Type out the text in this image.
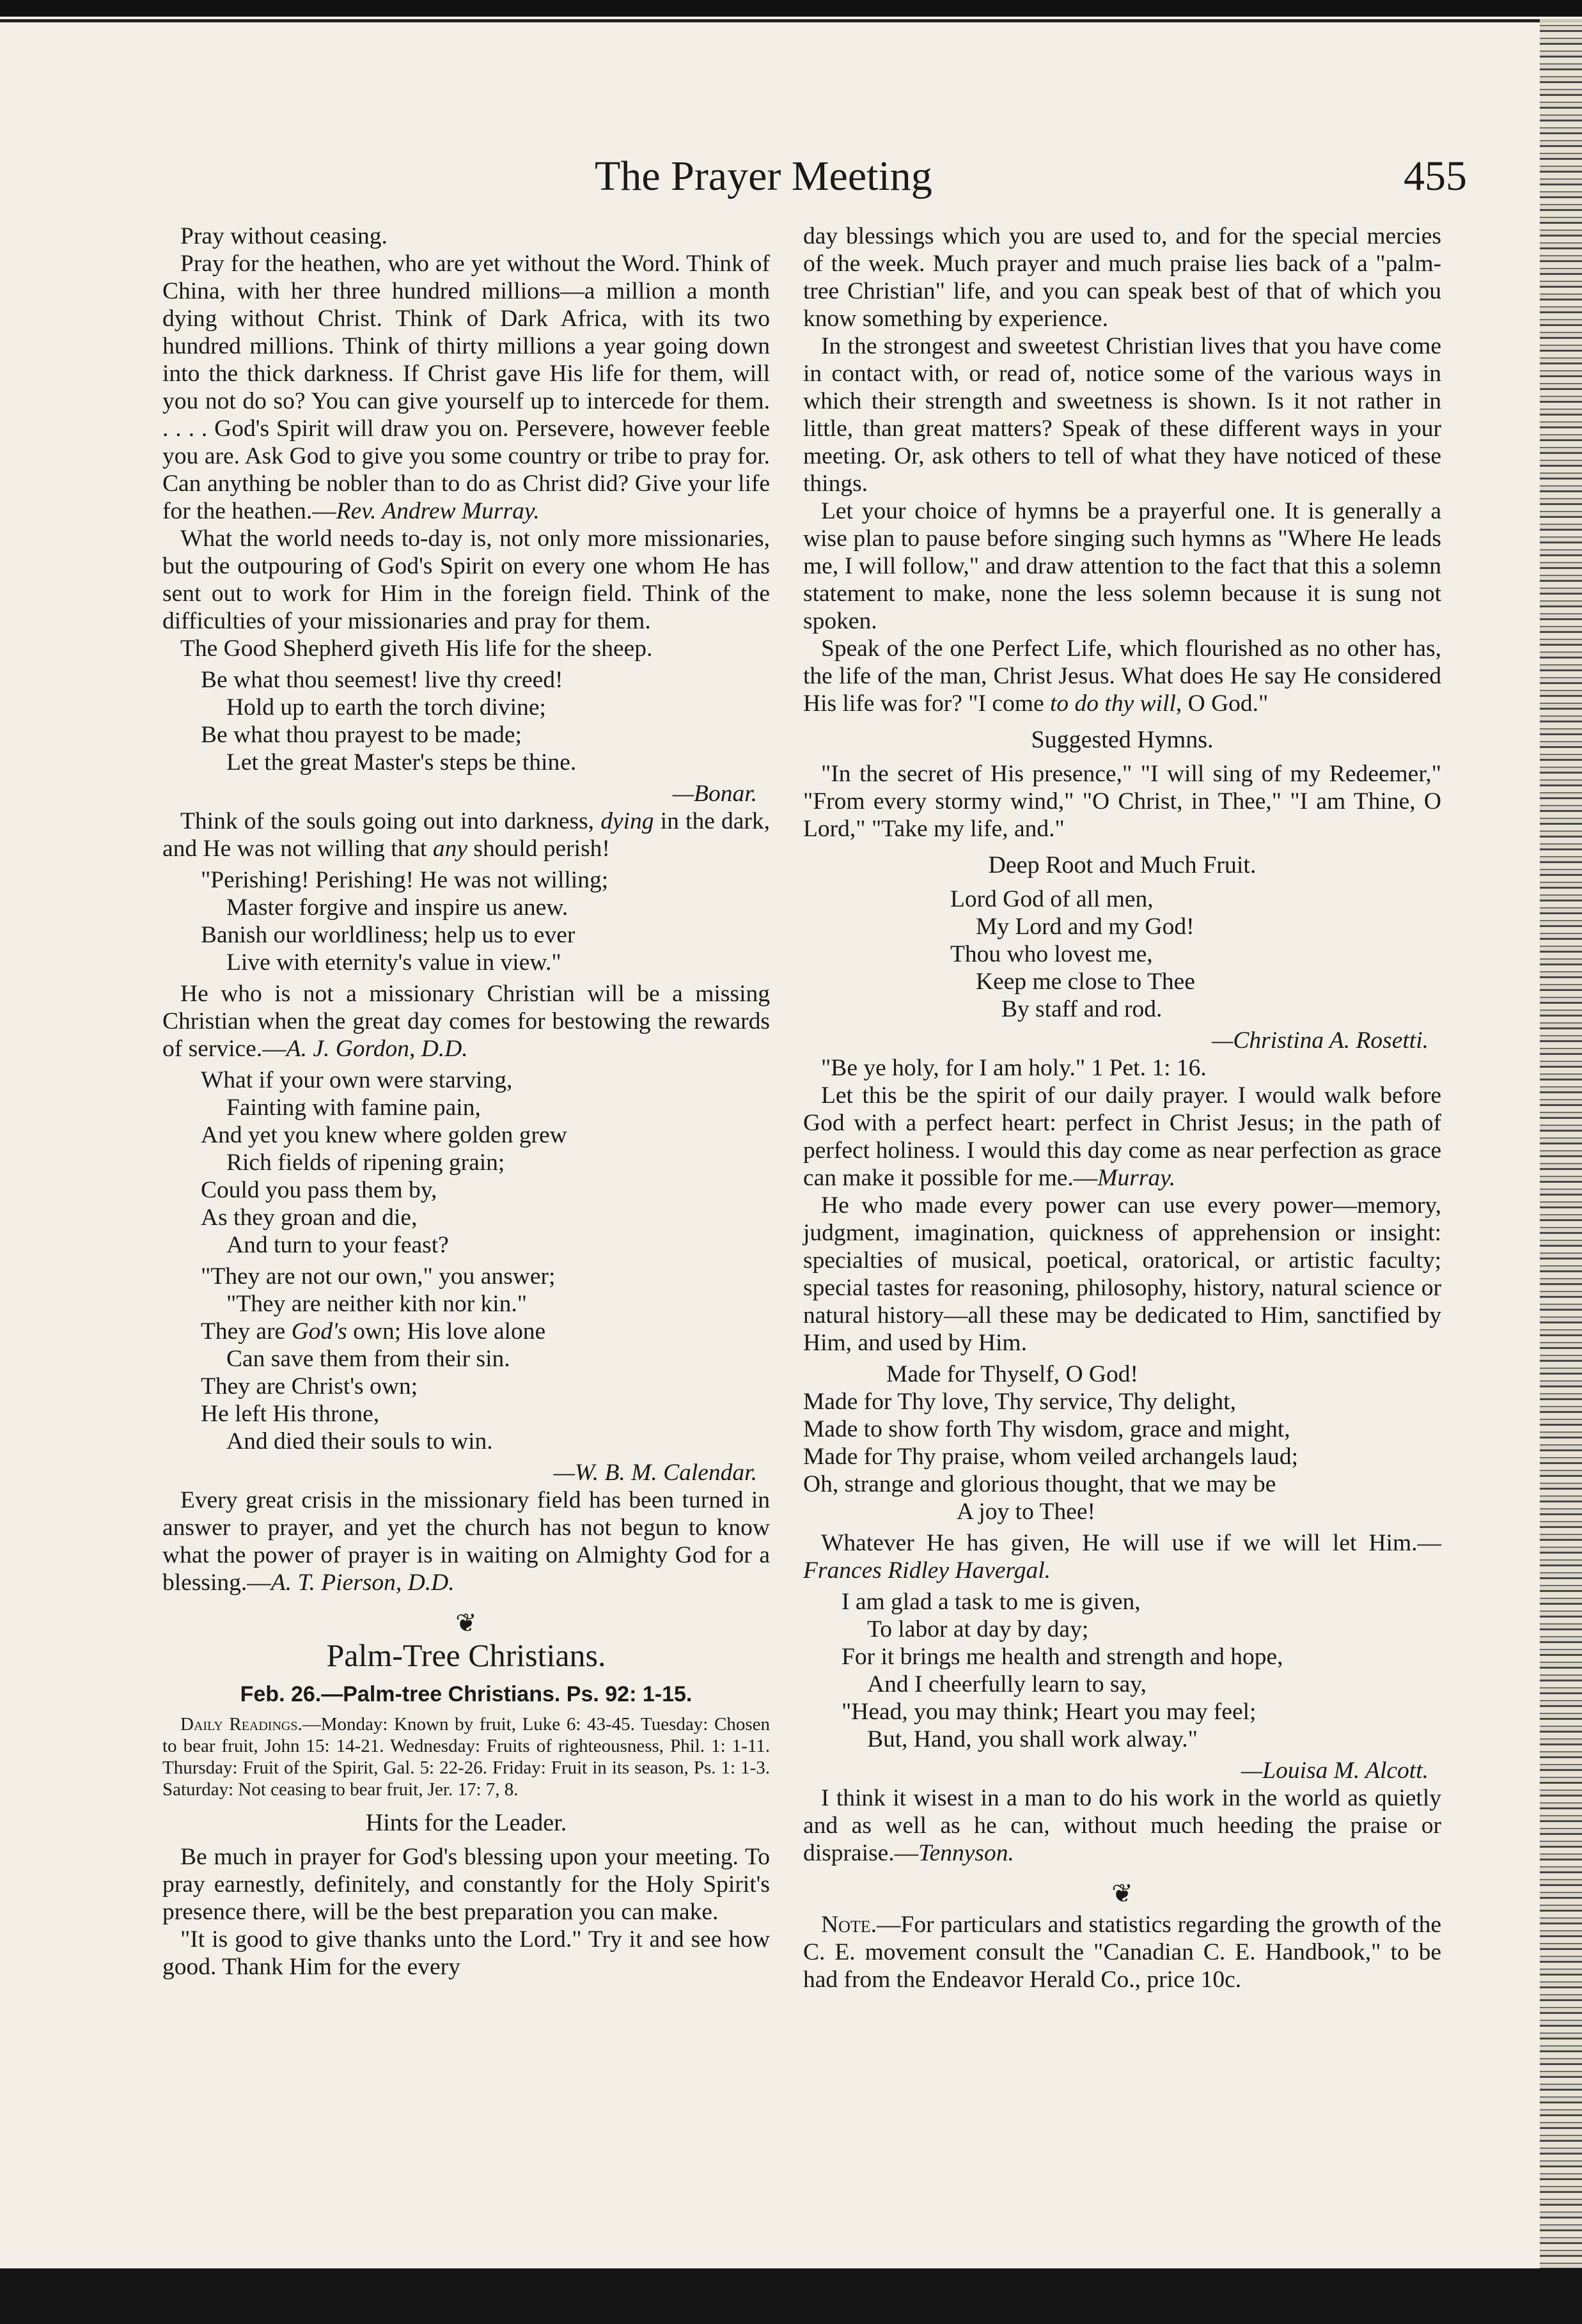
The Prayer Meeting	455

Pray without ceasing.

Pray for the heathen, who are yet without the Word. Think of China, with her three hundred millions—a million a month dying without Christ. Think of Dark Africa, with its two hundred millions. Think of thirty millions a year going down into the thick darkness. If Christ gave His life for them, will you not do so? You can give yourself up to intercede for them. . . . . God's Spirit will draw you on. Persevere, however feeble you are. Ask God to give you some country or tribe to pray for. Can anything be nobler than to do as Christ did? Give your life for the heathen.—Rev. Andrew Murray.

What the world needs to-day is, not only more missionaries, but the outpouring of God's Spirit on every one whom He has sent out to work for Him in the foreign field. Think of the difficulties of your missionaries and pray for them.

The Good Shepherd giveth His life for the sheep.

Be what thou seemest! live thy creed!
Hold up to earth the torch divine;
Be what thou prayest to be made;
Let the great Master's steps be thine.
—Bonar.

Think of the souls going out into darkness, dying in the dark, and He was not willing that any should perish!

"Perishing! Perishing! He was not willing;
Master forgive and inspire us anew.
Banish our worldliness; help us to ever
Live with eternity's value in view."

He who is not a missionary Christian will be a missing Christian when the great day comes for bestowing the rewards of service.—A. J. Gordon, D.D.

What if your own were starving,
Fainting with famine pain,
And yet you knew where golden grew
Rich fields of ripening grain;
Could you pass them by,
As they groan and die,
And turn to your feast?
"They are not our own," you answer;
"They are neither kith nor kin."
They are God's own; His love alone
Can save them from their sin.
They are Christ's own;
He left His throne,
And died their souls to win.
—W. B. M. Calendar.

Every great crisis in the missionary field has been turned in answer to prayer, and yet the church has not begun to know what the power of prayer is in waiting on Almighty God for a blessing.—A. T. Pierson, D.D.

❦
Palm-Tree Christians.
Feb. 26.—Palm-tree Christians. Ps. 92: 1-15.

Daily Readings.—Monday: Known by fruit, Luke 6: 43-45. Tuesday: Chosen to bear fruit, John 15: 14-21. Wednesday: Fruits of righteousness, Phil. 1: 1-11. Thursday: Fruit of the Spirit, Gal. 5: 22-26. Friday: Fruit in its season, Ps. 1: 1-3. Saturday: Not ceasing to bear fruit, Jer. 17: 7, 8.

Hints for the Leader.

Be much in prayer for God's blessing upon your meeting. To pray earnestly, definitely, and constantly for the Holy Spirit's presence there, will be the best preparation you can make.

"It is good to give thanks unto the Lord." Try it and see how good. Thank Him for the every

day blessings which you are used to, and for the special mercies of the week. Much prayer and much praise lies back of a "palm-tree Christian" life, and you can speak best of that of which you know something by experience.

In the strongest and sweetest Christian lives that you have come in contact with, or read of, notice some of the various ways in which their strength and sweetness is shown. Is it not rather in little, than great matters? Speak of these different ways in your meeting. Or, ask others to tell of what they have noticed of these things.

Let your choice of hymns be a prayerful one. It is generally a wise plan to pause before singing such hymns as "Where He leads me, I will follow," and draw attention to the fact that this a solemn statement to make, none the less solemn because it is sung not spoken.

Speak of the one Perfect Life, which flourished as no other has, the life of the man, Christ Jesus. What does He say He considered His life was for? "I come to do thy will, O God."

Suggested Hymns.

"In the secret of His presence," "I will sing of my Redeemer," "From every stormy wind," "O Christ, in Thee," "I am Thine, O Lord," "Take my life, and."

Deep Root and Much Fruit.
Lord God of all men,
My Lord and my God!
Thou who lovest me,
Keep me close to Thee
By staff and rod.
—Christina A. Rosetti.

"Be ye holy, for I am holy." 1 Pet. 1: 16.

Let this be the spirit of our daily prayer. I would walk before God with a perfect heart: perfect in Christ Jesus; in the path of perfect holiness. I would this day come as near perfection as grace can make it possible for me.—Murray.

He who made every power can use every power—memory, judgment, imagination, quickness of apprehension or insight: specialties of musical, poetical, oratorical, or artistic faculty; special tastes for reasoning, philosophy, history, natural science or natural history—all these may be dedicated to Him, sanctified by Him, and used by Him.

Made for Thyself, O God!
Made for Thy love, Thy service, Thy delight,
Made to show forth Thy wisdom, grace and might,
Made for Thy praise, whom veiled archangels laud;
Oh, strange and glorious thought, that we may be
A joy to Thee!

Whatever He has given, He will use if we will let Him.—Frances Ridley Havergal.

I am glad a task to me is given,
To labor at day by day;
For it brings me health and strength and hope,
And I cheerfully learn to say,
"Head, you may think; Heart you may feel;
But, Hand, you shall work alway."
—Louisa M. Alcott.

I think it wisest in a man to do his work in the world as quietly and as well as he can, without much heeding the praise or dispraise.—Tennyson.

❦

Note.—For particulars and statistics regarding the growth of the C. E. movement consult the "Canadian C. E. Handbook," to be had from the Endeavor Herald Co., price 10c.
